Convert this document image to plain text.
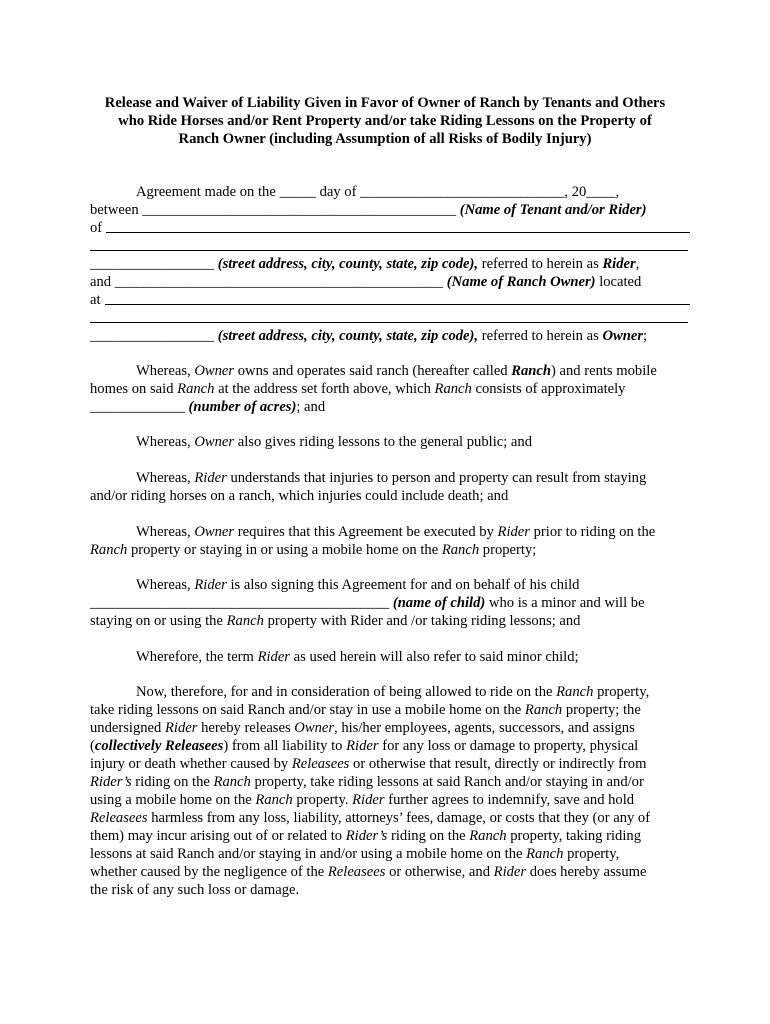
Release and Waiver of Liability Given in Favor of Owner of Ranch by Tenants and Others
who Ride Horses and/or Rent Property and/or take Riding Lessons on the Property of
Ranch Owner (including Assumption of all Risks of Bodily Injury)
Agreement made on the _____ day of ____________________________, 20____,
between ___________________________________________ (Name of Tenant and/or Rider)
of
_________________ (street address, city, county, state, zip code), referred to herein as Rider,
and _____________________________________________ (Name of Ranch Owner) located
at
_________________ (street address, city, county, state, zip code), referred to herein as Owner;
Whereas, Owner owns and operates said ranch (hereafter called Ranch) and rents mobile
homes on said Ranch at the address set forth above, which Ranch consists of approximately
_____________ (number of acres); and
Whereas, Owner also gives riding lessons to the general public; and
Whereas, Rider understands that injuries to person and property can result from staying
and/or riding horses on a ranch, which injuries could include death; and
Whereas, Owner requires that this Agreement be executed by Rider prior to riding on the
Ranch property or staying in or using a mobile home on the Ranch property;
Whereas, Rider is also signing this Agreement for and on behalf of his child
_________________________________________ (name of child) who is a minor and will be
staying on or using the Ranch property with Rider and /or taking riding lessons; and
Wherefore, the term Rider as used herein will also refer to said minor child;
Now, therefore, for and in consideration of being allowed to ride on the Ranch property,
take riding lessons on said Ranch and/or stay in use a mobile home on the Ranch property; the
undersigned Rider hereby releases Owner, his/her employees, agents, successors, and assigns
(collectively Releasees) from all liability to Rider for any loss or damage to property, physical
injury or death whether caused by Releasees or otherwise that result, directly or indirectly from
Rider’s riding on the Ranch property, take riding lessons at said Ranch and/or staying in and/or
using a mobile home on the Ranch property. Rider further agrees to indemnify, save and hold
Releasees harmless from any loss, liability, attorneys’ fees, damage, or costs that they (or any of
them) may incur arising out of or related to Rider’s riding on the Ranch property, taking riding
lessons at said Ranch and/or staying in and/or using a mobile home on the Ranch property,
whether caused by the negligence of the Releasees or otherwise, and Rider does hereby assume
the risk of any such loss or damage.
